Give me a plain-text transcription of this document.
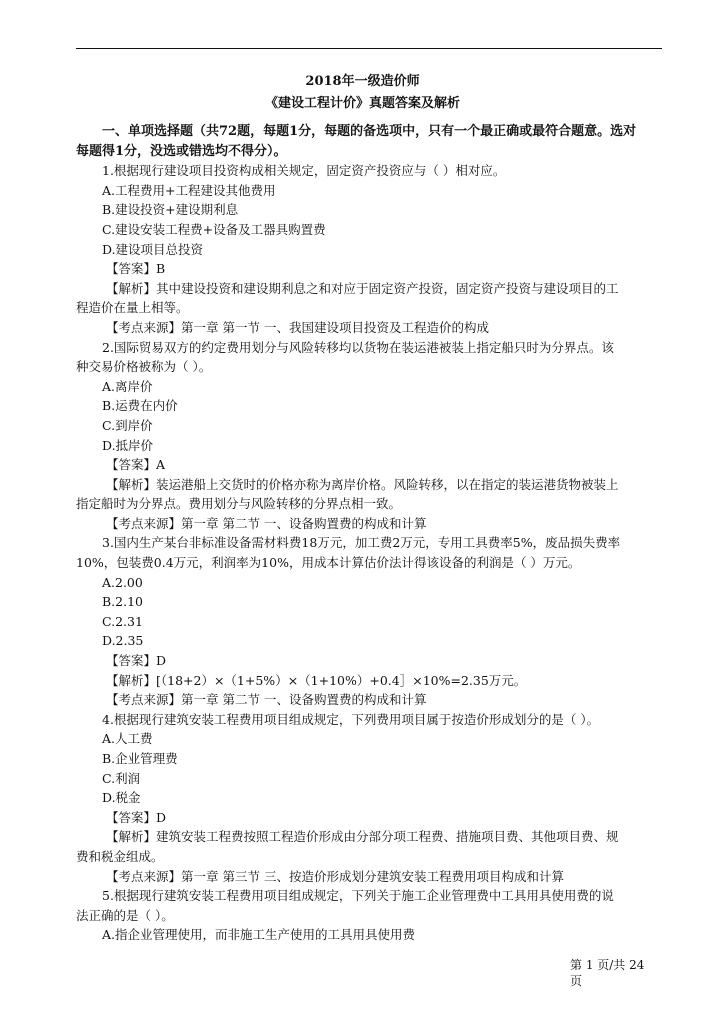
2018年一级造价师
《建设工程计价》真题答案及解析
一、单项选择题（共72题，每题1分，每题的备选项中，只有一个最正确或最符合题意。选对
每题得1分，没选或错选均不得分）。
1.根据现行建设项目投资构成相关规定，固定资产投资应与（ ）相对应。
A.工程费用+工程建设其他费用
B.建设投资+建设期利息
C.建设安装工程费+设备及工器具购置费
D.建设项目总投资
【答案】B
【解析】其中建设投资和建设期利息之和对应于固定资产投资，固定资产投资与建设项目的工
程造价在量上相等。
【考点来源】第一章 第一节 一、我国建设项目投资及工程造价的构成
2.国际贸易双方的约定费用划分与风险转移均以货物在装运港被装上指定船只时为分界点。该
种交易价格被称为（ ）。
A.离岸价
B.运费在内价
C.到岸价
D.抵岸价
【答案】A
【解析】装运港船上交货时的价格亦称为离岸价格。风险转移，以在指定的装运港货物被装上
指定船时为分界点。费用划分与风险转移的分界点相一致。
【考点来源】第一章 第二节 一、设备购置费的构成和计算
3.国内生产某台非标准设备需材料费18万元，加工费2万元，专用工具费率5%，废品损失费率
10%，包装费0.4万元，利润率为10%，用成本计算估价法计得该设备的利润是（ ）万元。
A.2.00
B.2.10
C.2.31
D.2.35
【答案】D
【解析】[（18+2）×（1+5%）×（1+10%）+0.4］×10%=2.35万元。
【考点来源】第一章 第二节 一、设备购置费的构成和计算
4.根据现行建筑安装工程费用项目组成规定，下列费用项目属于按造价形成划分的是（ ）。
A.人工费
B.企业管理费
C.利润
D.税金
【答案】D
【解析】建筑安装工程费按照工程造价形成由分部分项工程费、措施项目费、其他项目费、规
费和税金组成。
【考点来源】第一章 第三节 三、按造价形成划分建筑安装工程费用项目构成和计算
5.根据现行建筑安装工程费用项目组成规定，下列关于施工企业管理费中工具用具使用费的说
法正确的是（ ）。
A.指企业管理使用，而非施工生产使用的工具用具使用费
第 1 页/共 24
页
